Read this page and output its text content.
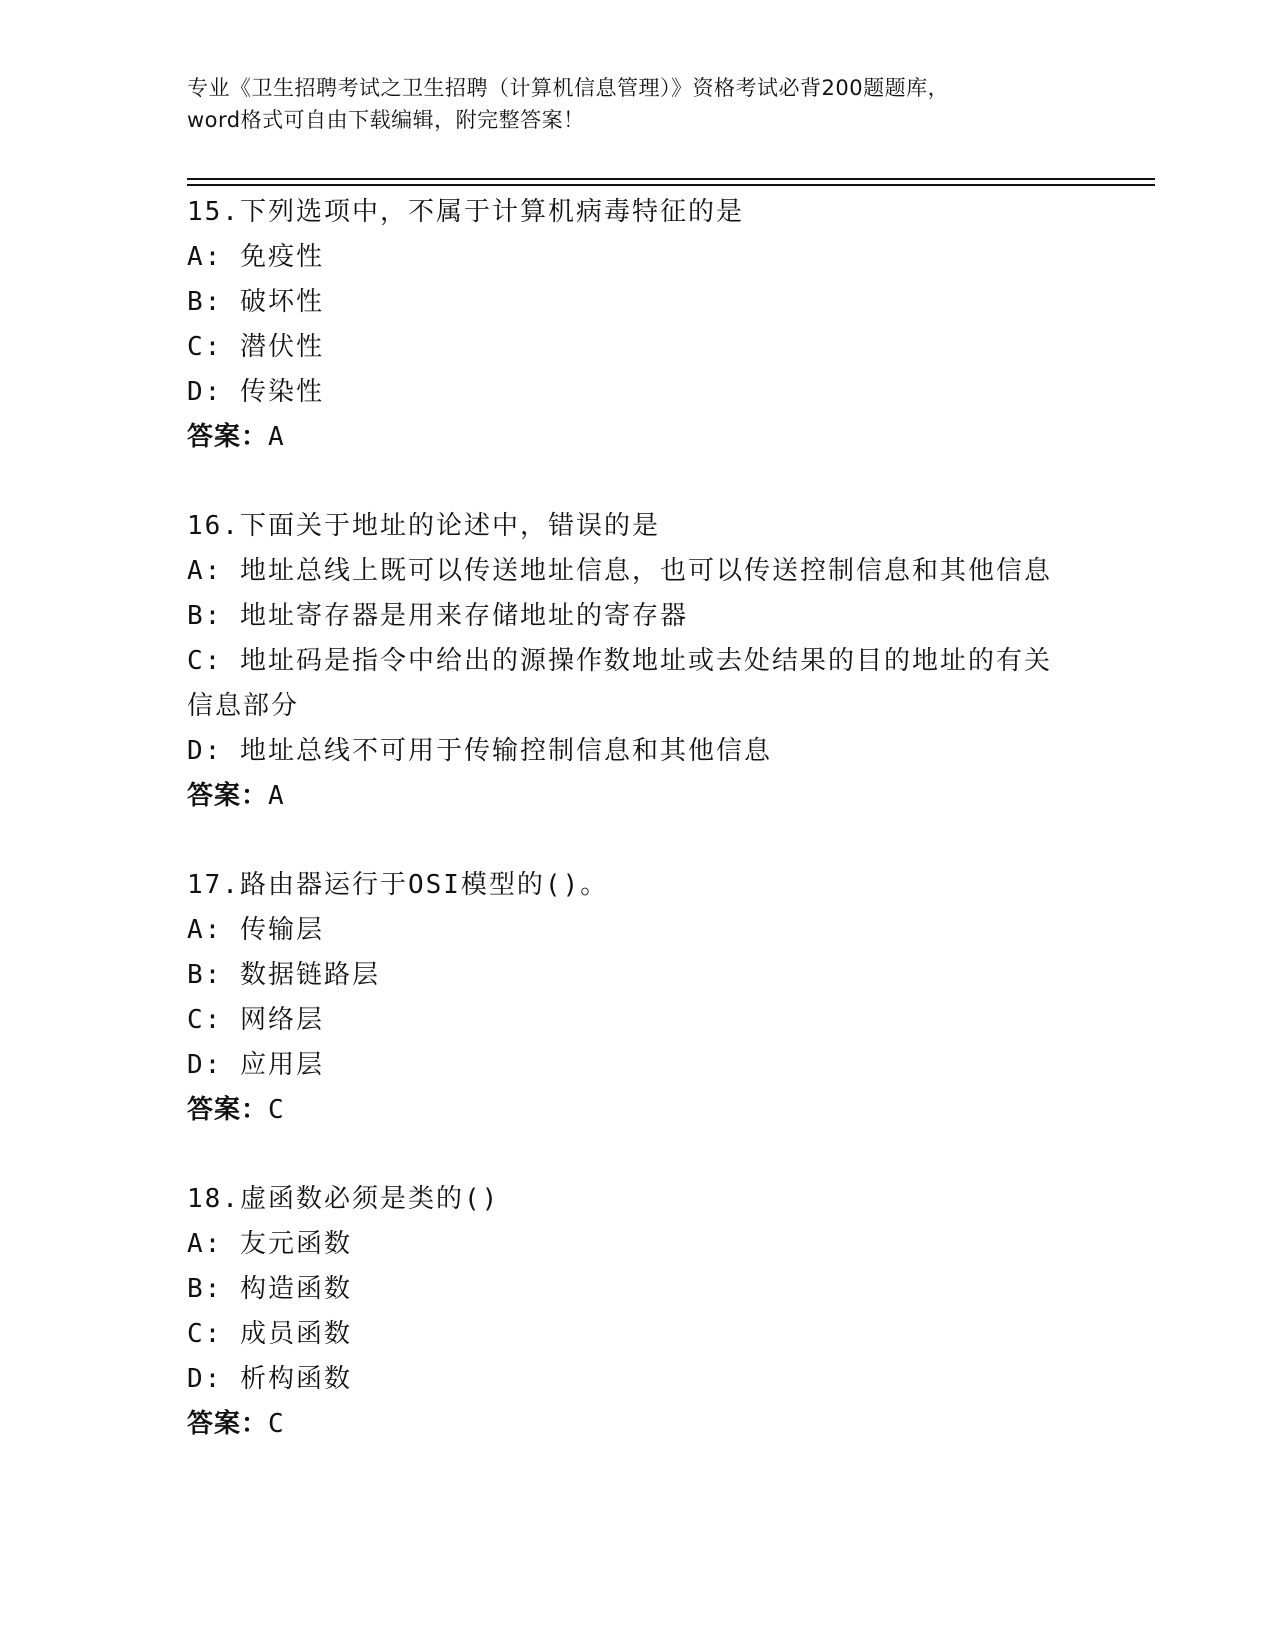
专业《卫生招聘考试之卫生招聘（计算机信息管理）》资格考试必背200题题库，

word格式可自由下载编辑，附完整答案！

15.下列选项中，不属于计算机病毒特征的是

A: 免疫性

B: 破坏性

C: 潜伏性

D: 传染性

答案：A

16.下面关于地址的论述中，错误的是

A: 地址总线上既可以传送地址信息，也可以传送控制信息和其他信息

B: 地址寄存器是用来存储地址的寄存器

C: 地址码是指令中给出的源操作数地址或去处结果的目的地址的有关信息部分

D: 地址总线不可用于传输控制信息和其他信息

答案：A

17.路由器运行于OSI模型的()。

A: 传输层

B: 数据链路层

C: 网络层

D: 应用层

答案：C

18.虚函数必须是类的()

A: 友元函数

B: 构造函数

C: 成员函数

D: 析构函数

答案：C
